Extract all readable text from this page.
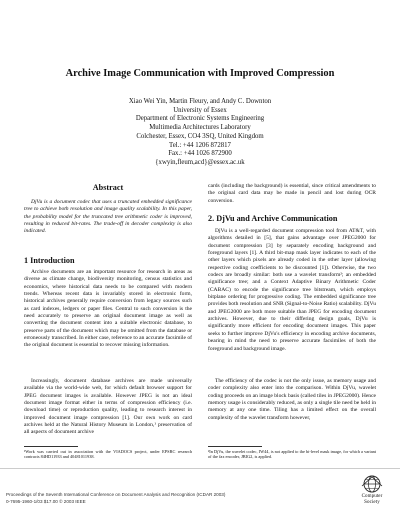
Archive Image Communication with Improved Compression
Xiao Wei Yin, Martin Fleury, and Andy C. Downton
University of Essex
Department of Electronic Systems Engineering
Multimedia Architectures Laboratory
Colchester, Essex, CO4 3SQ, United Kingdom
Tel.: +44 1206 872817
Fax.: +44 1026 872900
{xwyin,fleum,acd}@essex.ac.uk
Abstract
DjVu is a document codec that uses a truncated embedded significance tree to achieve both resolution and image quality scalability. In this paper, the probability model for the truncated tree arithmetic coder is improved, resulting in reduced bit-rates. The trade-off in decoder complexity is also indicated.
1 Introduction
Archive documents are an important resource for research in areas as diverse as climate change, biodiversity monitoring, census statistics and economics, where historical data needs to be compared with modern trends. Whereas recent data is invariably stored in electronic form, historical archives generally require conversion from legacy sources such as card indexes, ledgers or paper files. Central to such conversion is the need accurately to preserve an original document image as well as converting the document content into a suitable electronic database, to preserve parts of the document which may be omitted from the database or erroneously transcribed. In either case, reference to an accurate facsimile of the original document is essential to recover missing information.
Increasingly, document database archives are made universally available via the world-wide web, for which default browser support for JPEG document images is available. However JPEG is not an ideal document image format either in terms of compression efficiency (i.e. download time) or reproduction quality, leading to research interest in improved document image compression [1]. Our own work on card archives held at the Natural History Museum in London,¹ preservation of all aspects of document archive
¹Work was carried out in association with the VIADOCS project, under EPSRC research contracts 84HD11933 and 40481011938.
cards (including the background) is essential, since critical amendments to the original card data may be made in pencil and lost during OCR conversion.
2. DjVu and Archive Communication
DjVu is a well-regarded document compression tool from AT&T, with algorithms detailed in [5], that gains advantage over JPEG2000 for document compression [3] by separately encoding background and foreground layers [1]. A third bit-map mask layer indicates to each of the other layers which pixels are already coded in the other layer (allowing respective coding coefficients to be discounted [1]). Otherwise, the two codecs are broadly similar: both use a wavelet transform²; an embedded significance tree; and a Context Adaptive Binary Arithmetic Coder (CABAC) to encode the significance tree bitstream, which employs bitplane ordering for progressive coding. The embedded significance tree provides both resolution and SNR (Signal-to-Noise Ratio) scalability. DjVu and JPEG2000 are both more suitable than JPEG for encoding document archives. However, due to their differing design goals, DjVu is significantly more efficient for encoding document images. This paper seeks to further improve DjVu's efficiency in encoding archive documents, bearing in mind the need to preserve accurate facsimiles of both the foreground and background image.
The efficiency of the codec is not the only issue, as memory usage and coder complexity also enter into the comparison. Within DjVu, wavelet coding proceeds on an image block basis (called tiles in JPEG2000). Hence memory usage is considerably reduced, as only a single tile need be held in memory at any one time. Tiling has a limited effect on the overall complexity of the wavelet transform however,
²In DjVu, the wavelet codec, IW44, is not applied to the bi-level mask image, for which a variant of the fax encoder, JBIG2, is applied.
Proceedings of the Seventh International Conference on Document Analysis and Recognition (ICDAR 2003)
0-7695-1960-1/03 $17.00 © 2003 IEEE
Computer
Society
